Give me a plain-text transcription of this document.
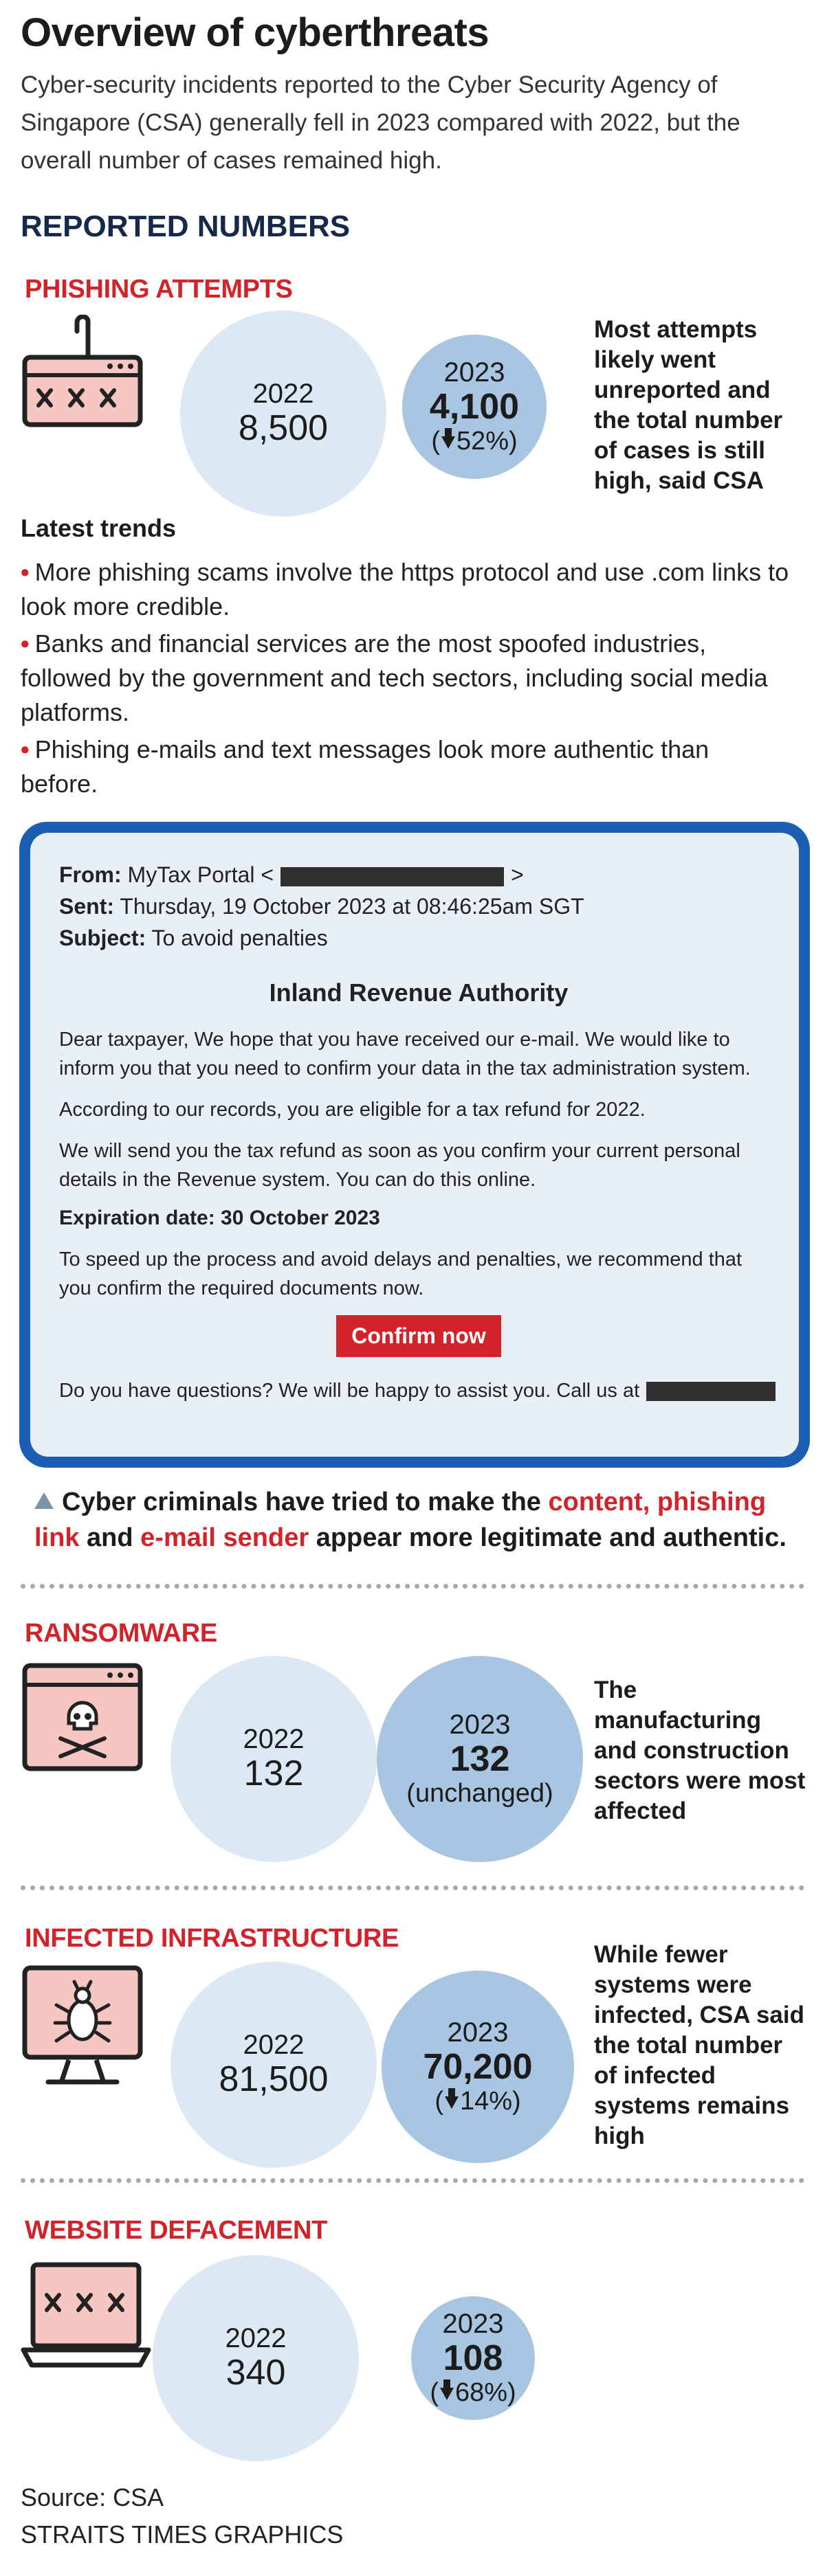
Overview of cyberthreats
Cyber-security incidents reported to the Cyber Security Agency of Singapore (CSA) generally fell in 2023 compared with 2022, but the overall number of cases remained high.
REPORTED NUMBERS
PHISHING ATTEMPTS
2022
8,500
2023
4,100
( 52%)
Most attempts likely went unreported and the total number of cases is still high, said CSA
Latest trends
• More phishing scams involve the https protocol and use .com links to look more credible.
• Banks and financial services are the most spoofed industries, followed by the government and tech sectors, including social media platforms.
• Phishing e-mails and text messages look more authentic than before.
From: MyTax Portal <	>
Sent: Thursday, 19 October 2023 at 08:46:25am SGT
Subject: To avoid penalties
Inland Revenue Authority
Dear taxpayer, We hope that you have received our e-mail. We would like to inform you that you need to confirm your data in the tax administration system.
According to our records, you are eligible for a tax refund for 2022.
We will send you the tax refund as soon as you confirm your current personal details in the Revenue system. You can do this online.
Expiration date: 30 October 2023
To speed up the process and avoid delays and penalties, we recommend that you confirm the required documents now.
Confirm now
Do you have questions? We will be happy to assist you. Call us at
Cyber criminals have tried to make the content, phishing link and e-mail sender appear more legitimate and authentic.
RANSOMWARE
2022
132
2023
132
(unchanged)
The manufacturing and construction sectors were most affected
INFECTED INFRASTRUCTURE
2022
81,500
2023
70,200
( 14%)
While fewer systems were infected, CSA said the total number of infected systems remains high
WEBSITE DEFACEMENT
2022
340
2023
108
( 68%)
Source: CSA
STRAITS TIMES GRAPHICS
